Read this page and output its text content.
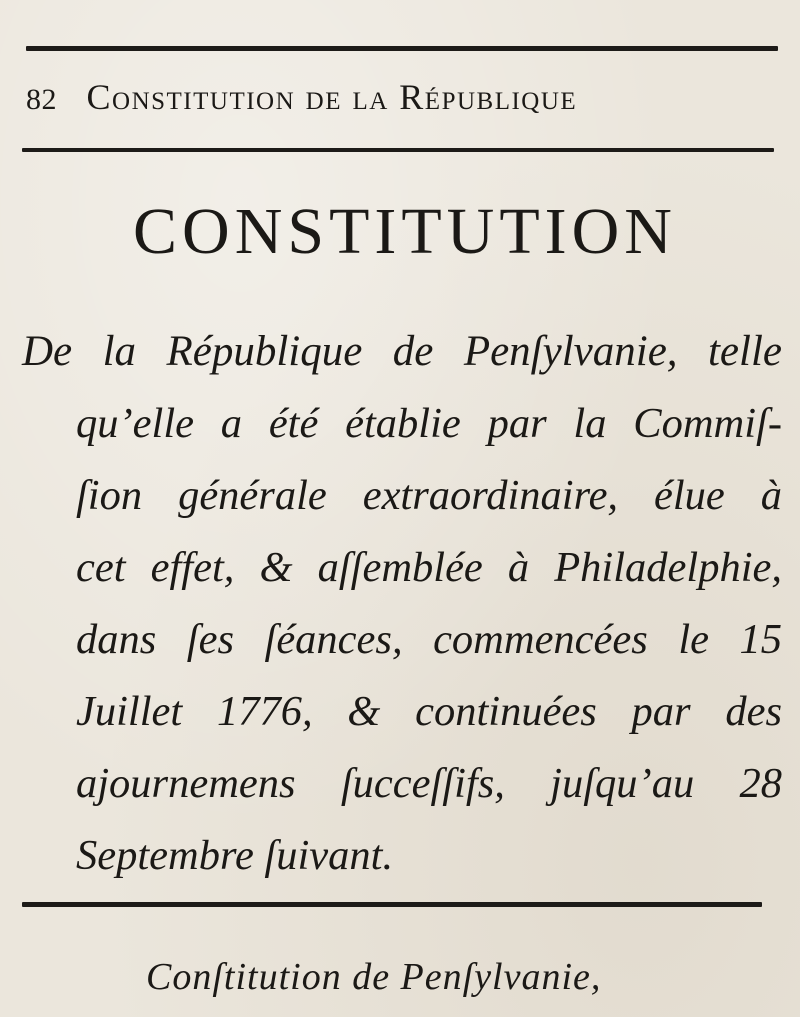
82 Constitution de la République
CONSTITUTION
De la République de Penſylvanie, telle
qu’elle a été établie par la Commiſ-
ſion générale extraordinaire, élue à
cet effet, & aſſemblée à Philadelphie,
dans ſes ſéances, commencées le 15
Juillet 1776, & continuées par des
ajournemens ſucceſſifs, juſqu’au 28
Septembre ſuivant.
Conſtitution de Penſylvanie,
